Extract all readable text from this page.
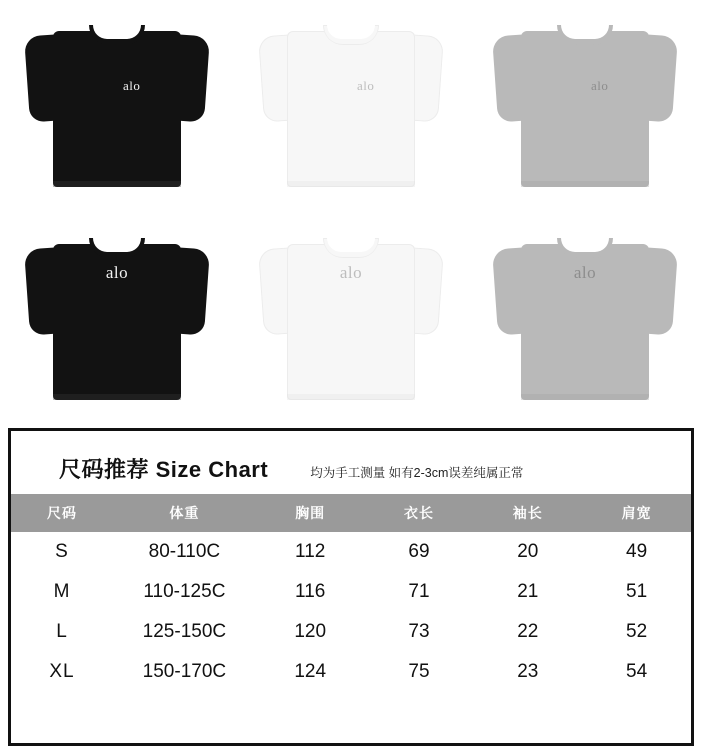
alo	alo	alo
alo	alo	alo
尺码推荐 Size Chart	均为手工测量 如有2-3cm误差纯属正常
尺码	体重	胸围	衣长	袖长	肩宽
S	80-110C	112	69	20	49
M	110-125C	116	71	21	51
L	125-150C	120	73	22	52
XL	150-170C	124	75	23	54
